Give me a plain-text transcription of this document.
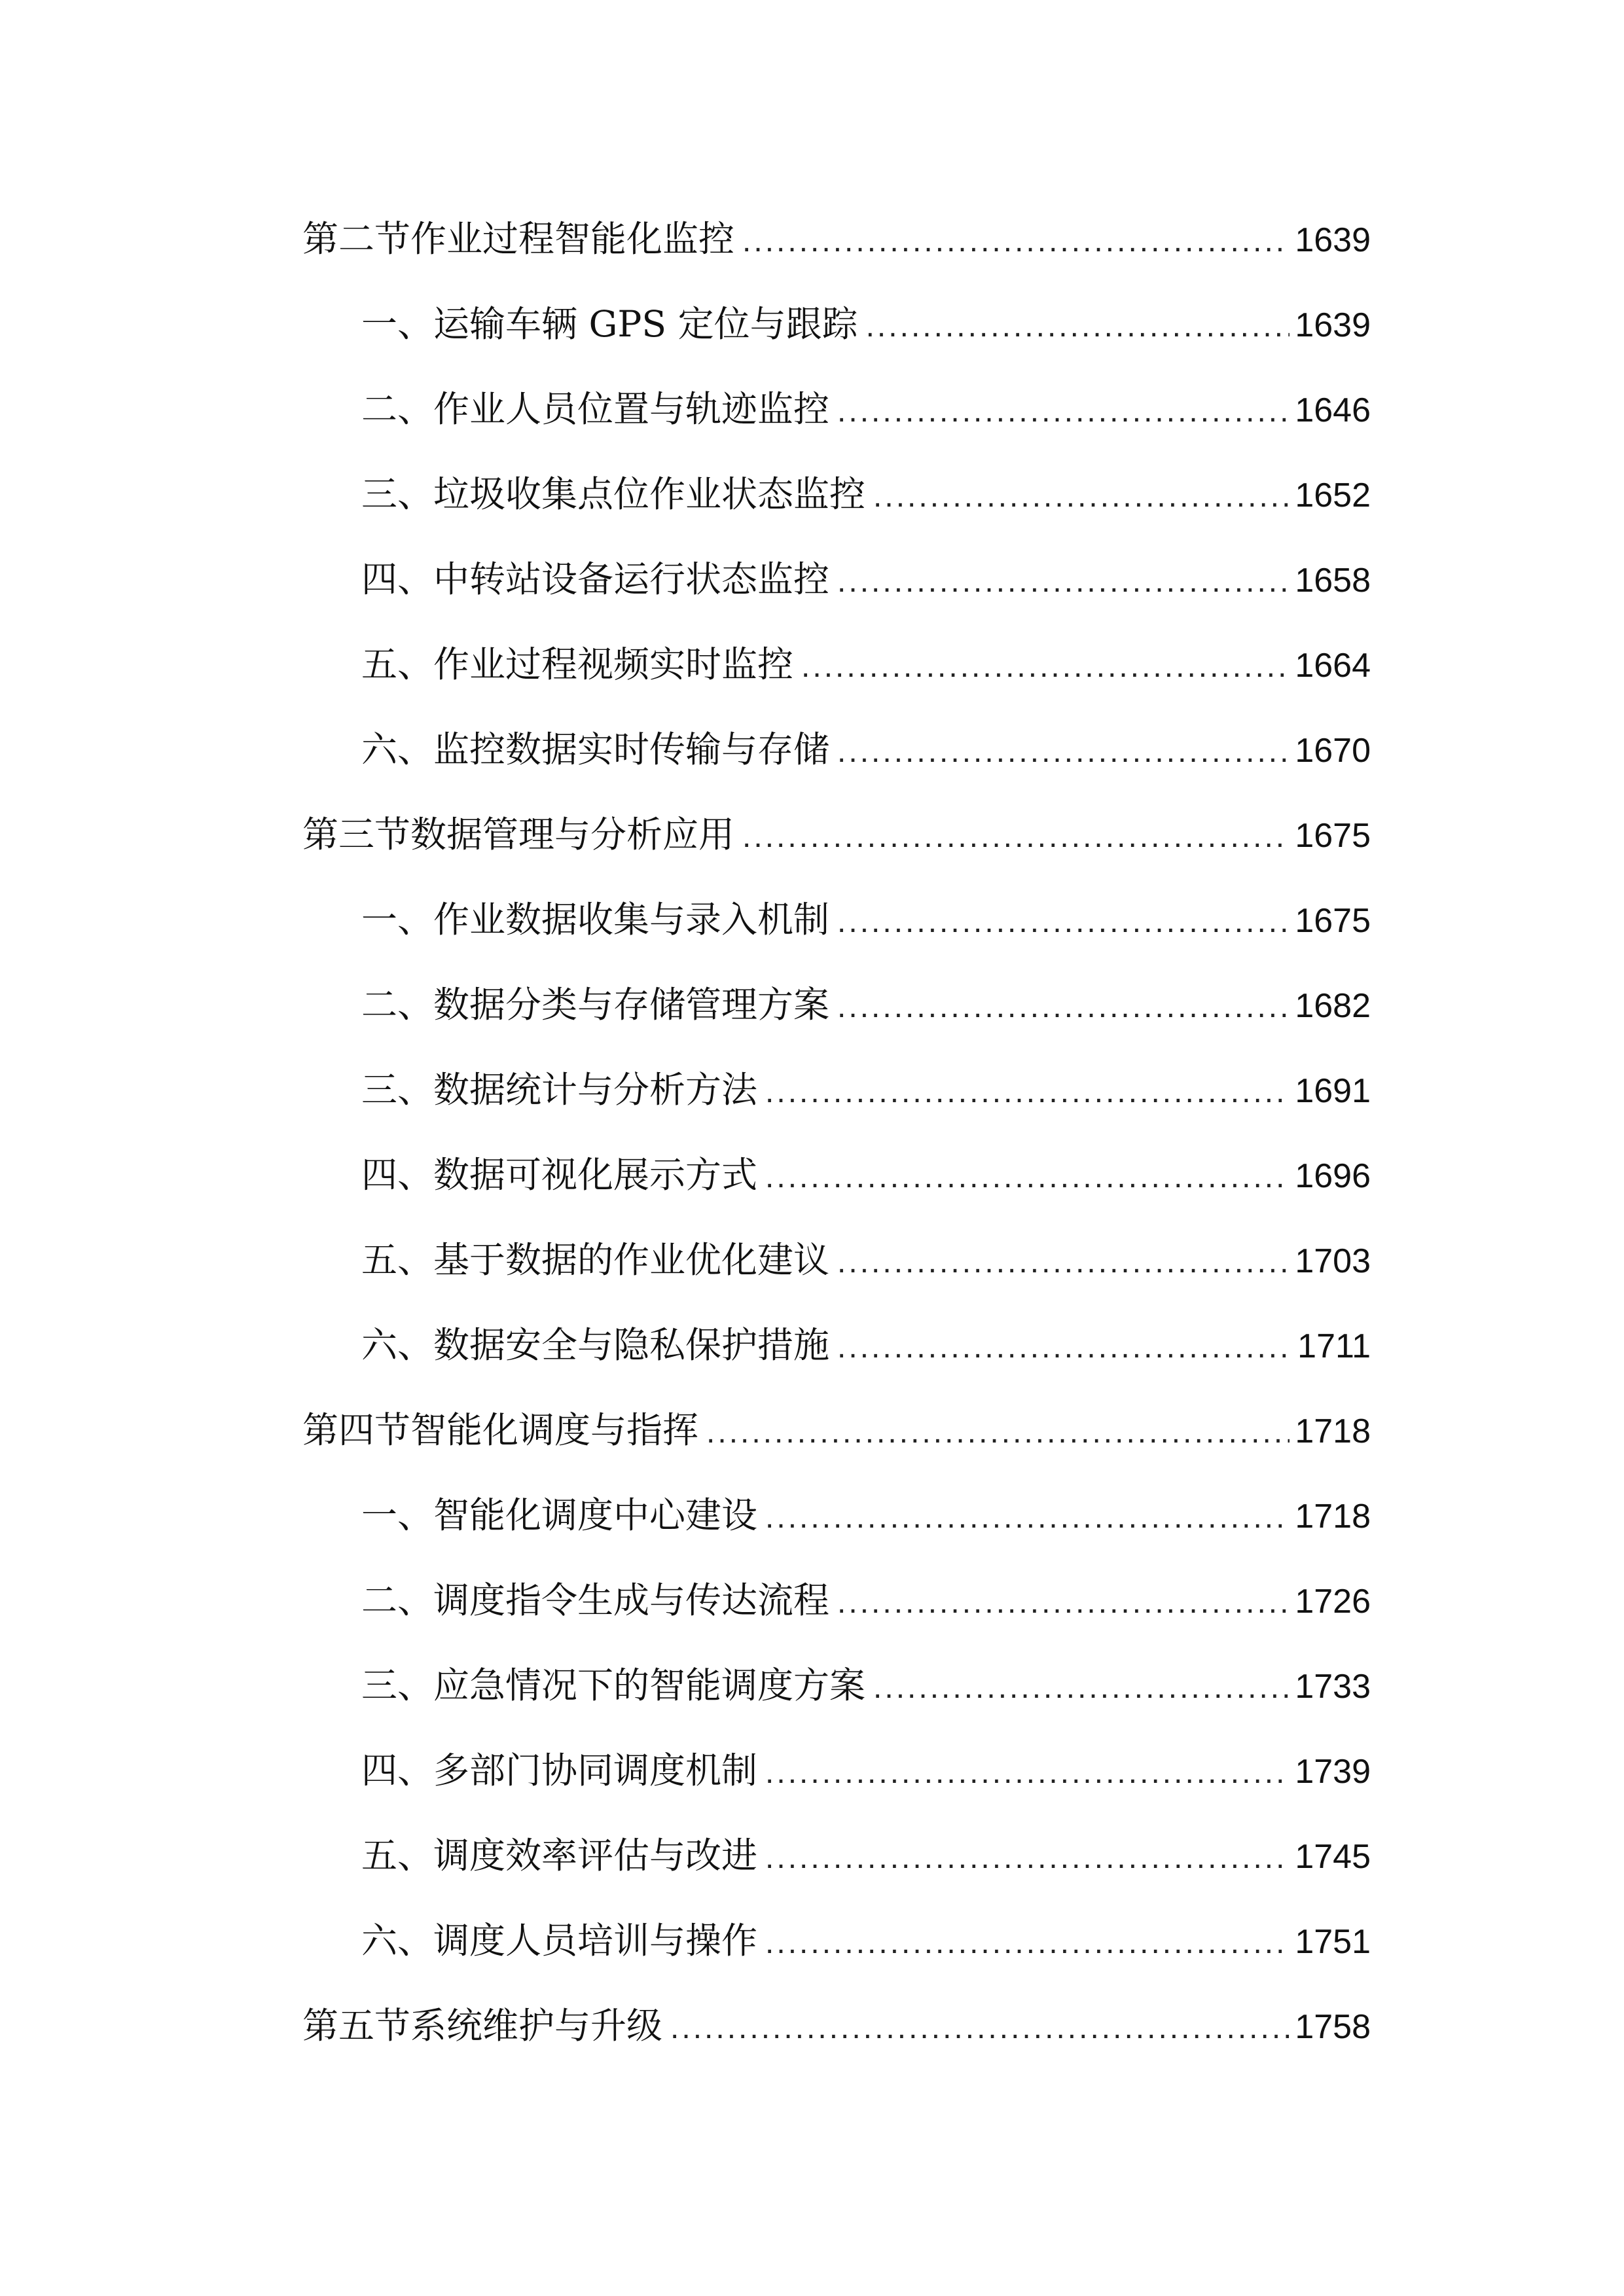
第二节作业过程智能化监控 .....	1639
一、运输车辆 GPS 定位与跟踪 .....	1639
二、作业人员位置与轨迹监控 .....	1646
三、垃圾收集点位作业状态监控 .....	1652
四、中转站设备运行状态监控 .....	1658
五、作业过程视频实时监控 .....	1664
六、监控数据实时传输与存储 .....	1670
第三节数据管理与分析应用 .....	1675
一、作业数据收集与录入机制 .....	1675
二、数据分类与存储管理方案 .....	1682
三、数据统计与分析方法 .....	1691
四、数据可视化展示方式 .....	1696
五、基于数据的作业优化建议 .....	1703
六、数据安全与隐私保护措施 .....	1711
第四节智能化调度与指挥 .....	1718
一、智能化调度中心建设 .....	1718
二、调度指令生成与传达流程 .....	1726
三、应急情况下的智能调度方案 .....	1733
四、多部门协同调度机制 .....	1739
五、调度效率评估与改进 .....	1745
六、调度人员培训与操作 .....	1751
第五节系统维护与升级 .....	1758
